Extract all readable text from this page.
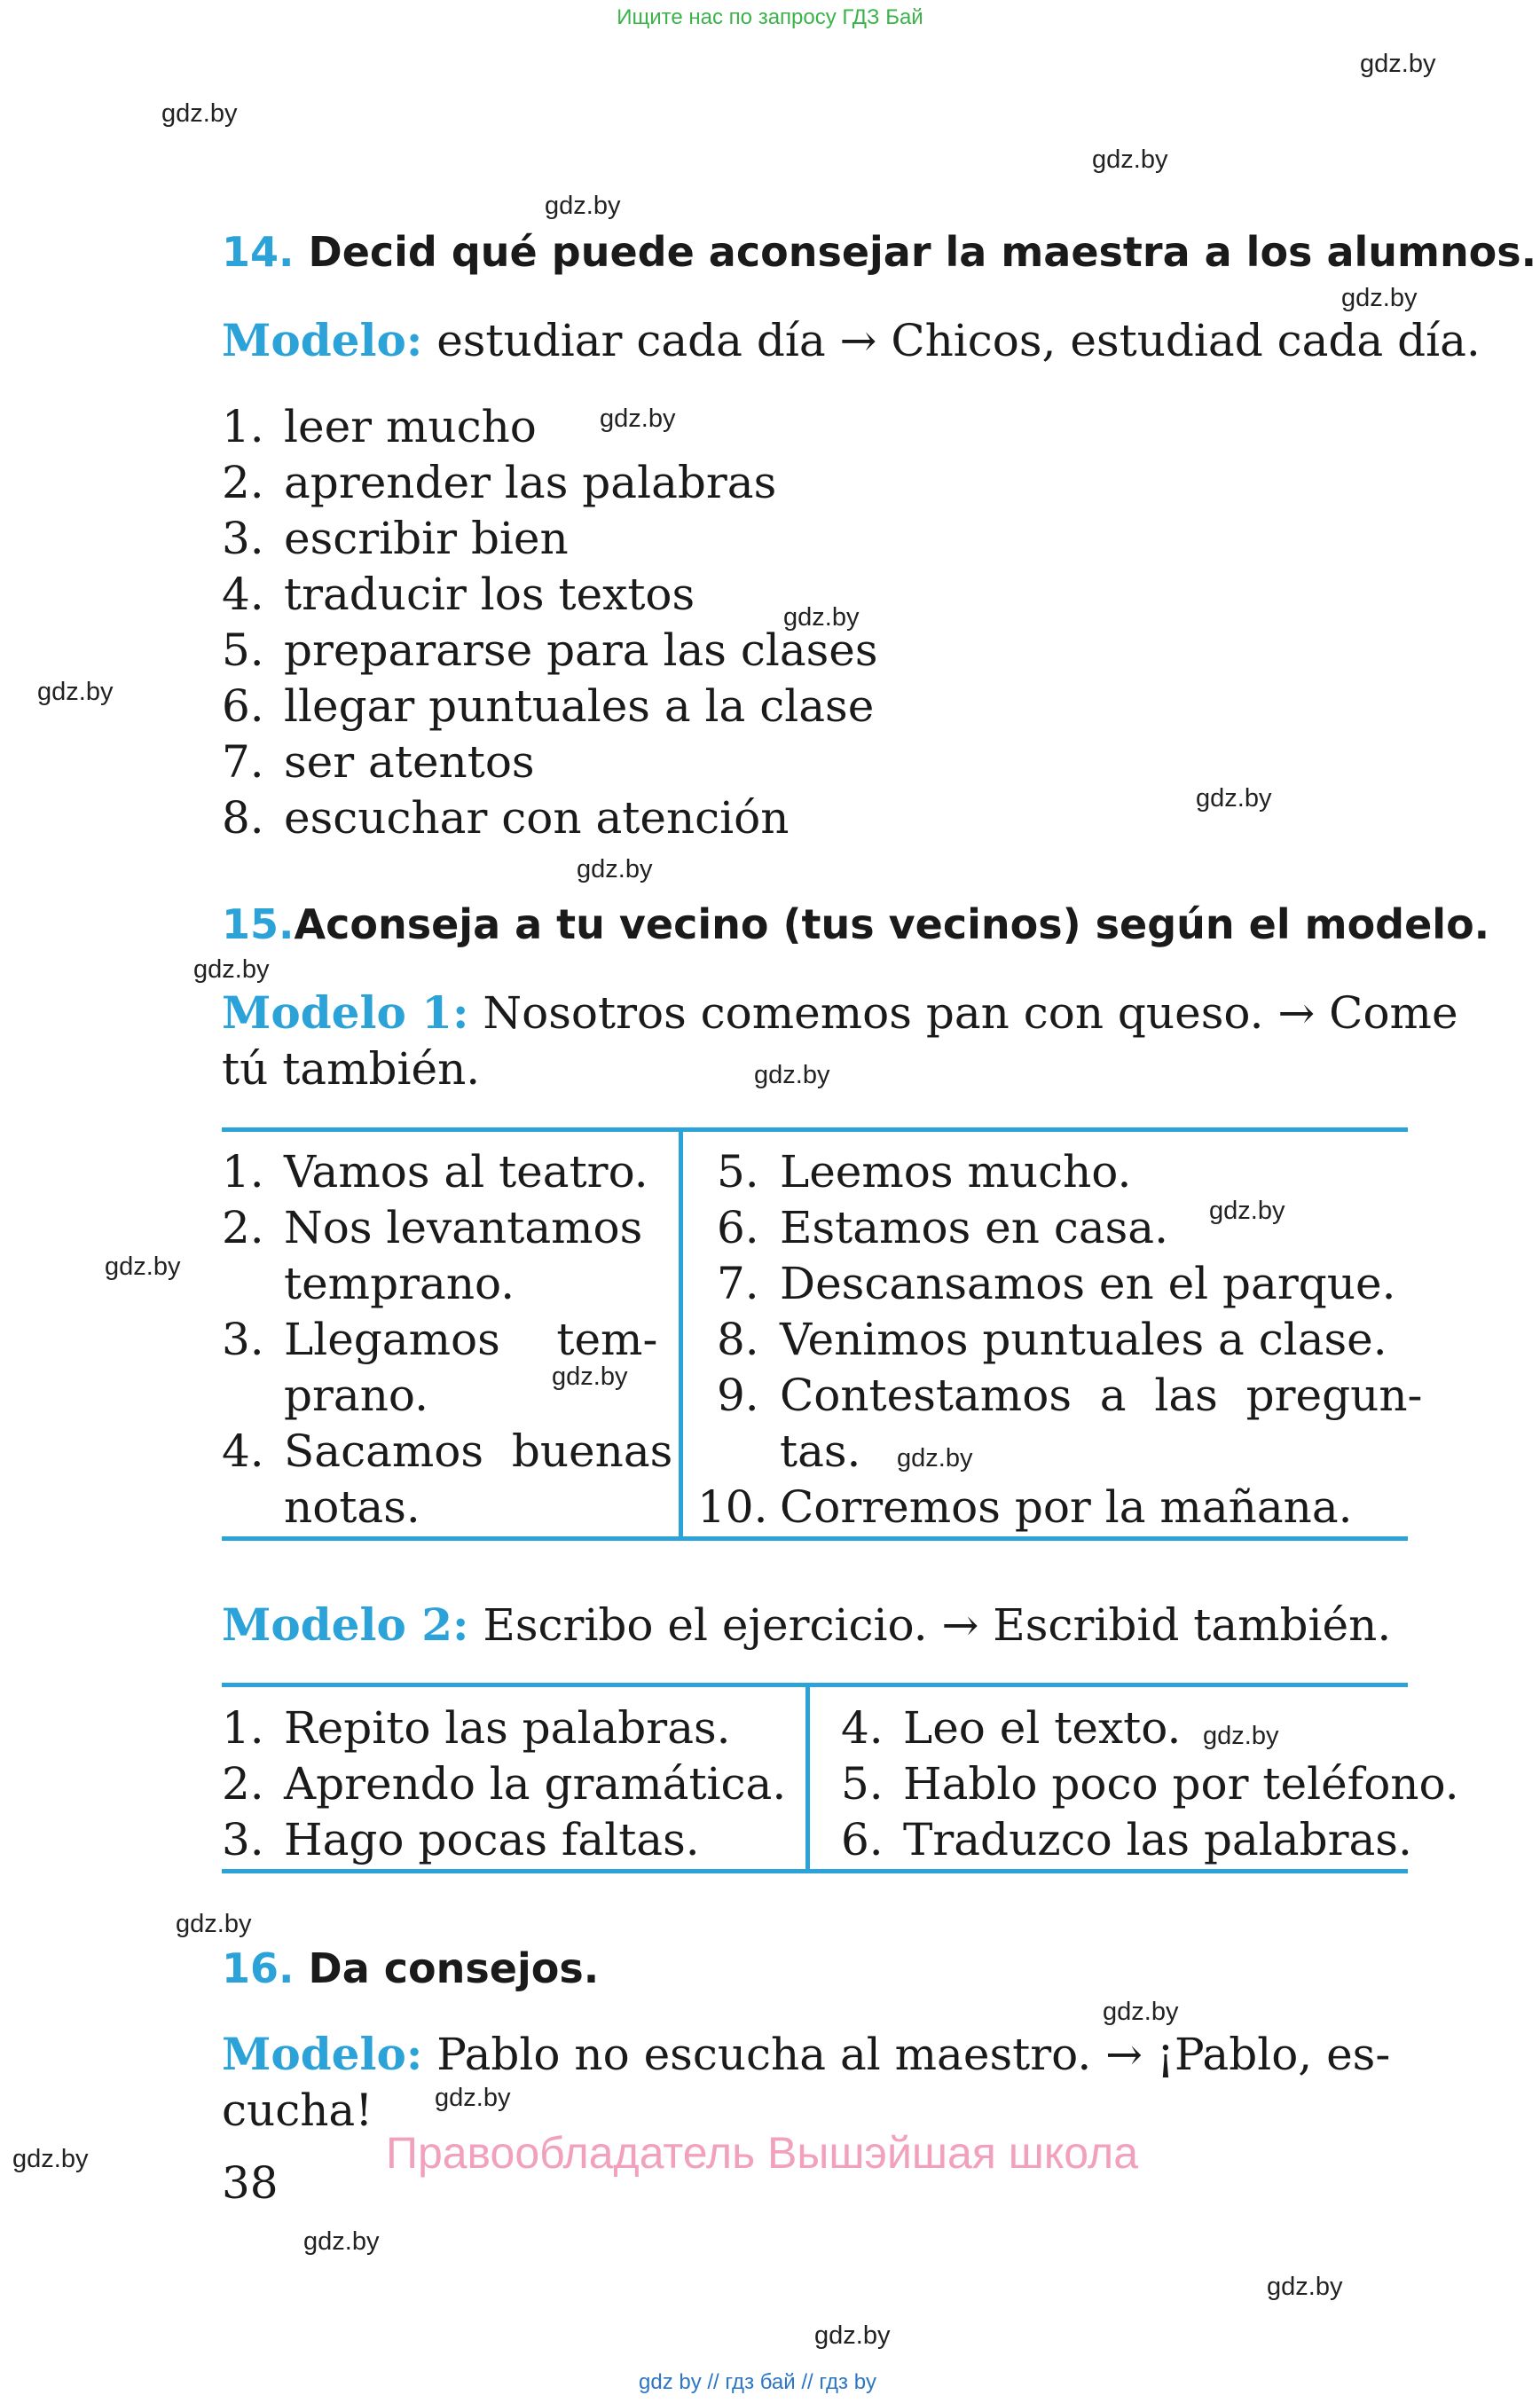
Ищите нас по запросу ГДЗ Бай
gdz.by
gdz.by
gdz.by
gdz.by
gdz.by
gdz.by
gdz.by
gdz.by
gdz.by
gdz.by
gdz.by
gdz.by
gdz.by
gdz.by
gdz.by
gdz.by
gdz.by
gdz.by
gdz.by
gdz.by
gdz.by
gdz.by
gdz.by
gdz.by
14. Decid qué puede aconsejar la maestra a los alumnos.
Modelo: estudiar cada día → Chicos, estudiad cada día.
1. leer mucho
2. aprender las palabras
3. escribir bien
4. traducir los textos
5. prepararse para las clases
6. llegar puntuales a la clase
7. ser atentos
8. escuchar con atención
15.Aconseja a tu vecino (tus vecinos) según el modelo.
Modelo 1: Nosotros comemos pan con queso. → Come
tú también.
1. Vamos al teatro.
2. Nos levantamos
temprano.
3. Llegamos    tem-
prano.
4. Sacamos  buenas
notas.
5. Leemos mucho.
6. Estamos en casa.
7. Descansamos en el parque.
8. Venimos puntuales a clase.
9. Contestamos  a  las  pregun-
tas.
10. Corremos por la mañana.
Modelo 2: Escribo el ejercicio. → Escribid también.
1. Repito las palabras.
2. Aprendo la gramática.
3. Hago pocas faltas.
4. Leo el texto.
5. Hablo poco por teléfono.
6. Traduzco las palabras.
16. Da consejos.
Modelo: Pablo no escucha al maestro. → ¡Pablo, es-
cucha!
38
Правообладатель Вышэйшая школа
gdz by // гдз бай // гдз by
